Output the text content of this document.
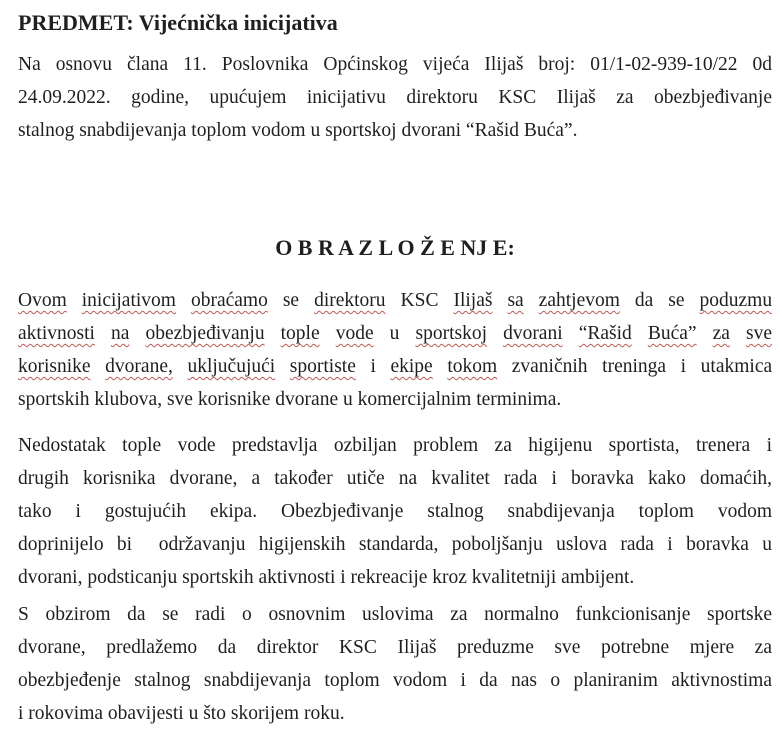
PREDMET: Vijećnička inicijativa
Na osnovu člana 11. Poslovnika Općinskog vijeća Ilijaš broj: 01/1-02-939-10/22 0d
24.09.2022. godine, upućujem inicijativu direktoru KSC Ilijaš za obezbjeđivanje
stalnog snabdijevanja toplom vodom u sportskoj dvorani “Rašid Buća”.
O B R A Z L O Ž E NJ E:
Ovom inicijativom obraćamo se direktoru KSC Ilijaš sa zahtjevom da se poduzmu
aktivnosti na obezbjeđivanju tople vode u sportskoj dvorani “Rašid Buća” za sve
korisnike dvorane, uključujući sportiste i ekipe tokom zvaničnih treninga i utakmica
sportskih klubova, sve korisnike dvorane u komercijalnim terminima.
Nedostatak tople vode predstavlja ozbiljan problem za higijenu sportista, trenera i
drugih korisnika dvorane, a također utiče na kvalitet rada i boravka kako domaćih,
tako i gostujućih ekipa. Obezbjeđivanje stalnog snabdijevanja toplom vodom
doprinijelo bi  održavanju higijenskih standarda, poboljšanju uslova rada i boravka u
dvorani, podsticanju sportskih aktivnosti i rekreacije kroz kvalitetniji ambijent.
S obzirom da se radi o osnovnim uslovima za normalno funkcionisanje sportske
dvorane, predlažemo da direktor KSC Ilijaš preduzme sve potrebne mjere za
obezbjeđenje stalnog snabdijevanja toplom vodom i da nas o planiranim aktivnostima
i rokovima obavijesti u što skorijem roku.
